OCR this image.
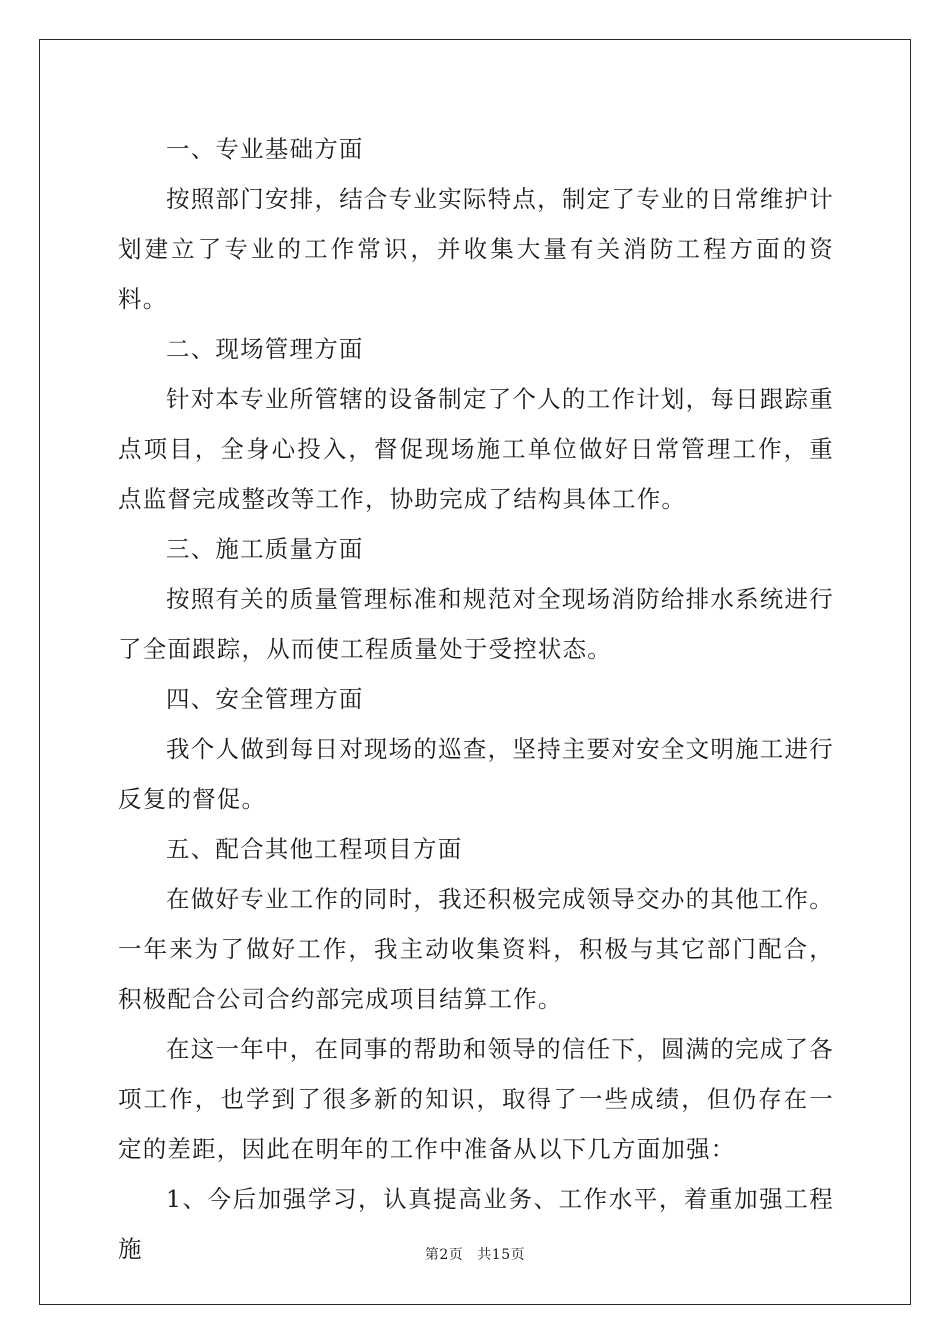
一、专业基础方面

按照部门安排，结合专业实际特点，制定了专业的日常维护计划建立了专业的工作常识，并收集大量有关消防工程方面的资料。

二、现场管理方面

针对本专业所管辖的设备制定了个人的工作计划，每日跟踪重点项目，全身心投入，督促现场施工单位做好日常管理工作，重点监督完成整改等工作，协助完成了结构具体工作。

三、施工质量方面

按照有关的质量管理标准和规范对全现场消防给排水系统进行了全面跟踪，从而使工程质量处于受控状态。

四、安全管理方面

我个人做到每日对现场的巡查，坚持主要对安全文明施工进行反复的督促。

五、配合其他工程项目方面

在做好专业工作的同时，我还积极完成领导交办的其他工作。一年来为了做好工作，我主动收集资料，积极与其它部门配合，积极配合公司合约部完成项目结算工作。

在这一年中，在同事的帮助和领导的信任下，圆满的完成了各项工作，也学到了很多新的知识，取得了一些成绩，但仍存在一定的差距，因此在明年的工作中准备从以下几方面加强：

1、今后加强学习，认真提高业务、工作水平，着重加强工程施	第2页 共15页
